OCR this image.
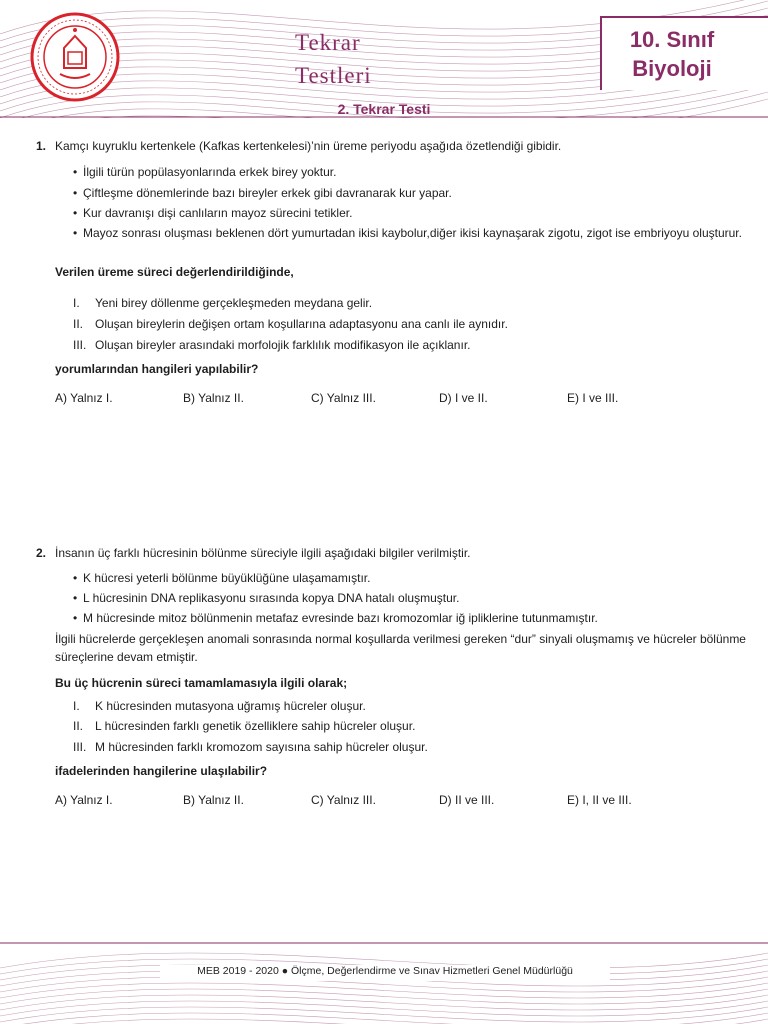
Tekrar
Testleri
10. Sınıf
Biyoloji
2. Tekrar Testi
1. Kamçı kuyruklu kertenkele (Kafkas kertenkelesi)’nin üreme periyodu aşağıda özetlendiği gibidir.
• İlgili türün popülasyonlarında erkek birey yoktur.
• Çiftleşme dönemlerinde bazı bireyler erkek gibi davranarak kur yapar.
• Kur davranışı dişi canlıların mayoz sürecini tetikler.
• Mayoz sonrası oluşması beklenen dört yumurtadan ikisi kaybolur,diğer ikisi kaynaşarak zigotu, zigot ise embriyoyu oluşturur.
Verilen üreme süreci değerlendirildiğinde,
I. Yeni birey döllenme gerçekleşmeden meydana gelir.
II. Oluşan bireylerin değişen ortam koşullarına adaptasyonu ana canlı ile aynıdır.
III. Oluşan bireyler arasındaki morfolojik farklılık modifikasyon ile açıklanır.
yorumlarından hangileri yapılabilir?
A) Yalnız I.	B) Yalnız II.	C) Yalnız III.	D) I ve II.	E) I ve III.
2. İnsanın üç farklı hücresinin bölünme süreciyle ilgili aşağıdaki bilgiler verilmiştir.
• K hücresi yeterli bölünme büyüklüğüne ulaşamamıştır.
• L hücresinin DNA replikasyonu sırasında kopya DNA hatalı oluşmuştur.
• M hücresinde mitoz bölünmenin metafaz evresinde bazı kromozomlar iğ ipliklerine tutunmamıştır.
İlgili hücrelerde gerçekleşen anomali sonrasında normal koşullarda verilmesi gereken “dur” sinyali oluşmamış ve hücreler bölünme süreçlerine devam etmiştir.
Bu üç hücrenin süreci tamamlamasıyla ilgili olarak;
I. K hücresinden mutasyona uğramış hücreler oluşur.
II. L hücresinden farklı genetik özelliklere sahip hücreler oluşur.
III. M hücresinden farklı kromozom sayısına sahip hücreler oluşur.
ifadelerinden hangilerine ulaşılabilir?
A) Yalnız I.	B) Yalnız II.	C) Yalnız III.	D) II ve III.	E) I, II ve III.
MEB 2019 - 2020 ● Ölçme, Değerlendirme ve Sınav Hizmetleri Genel Müdürlüğü
